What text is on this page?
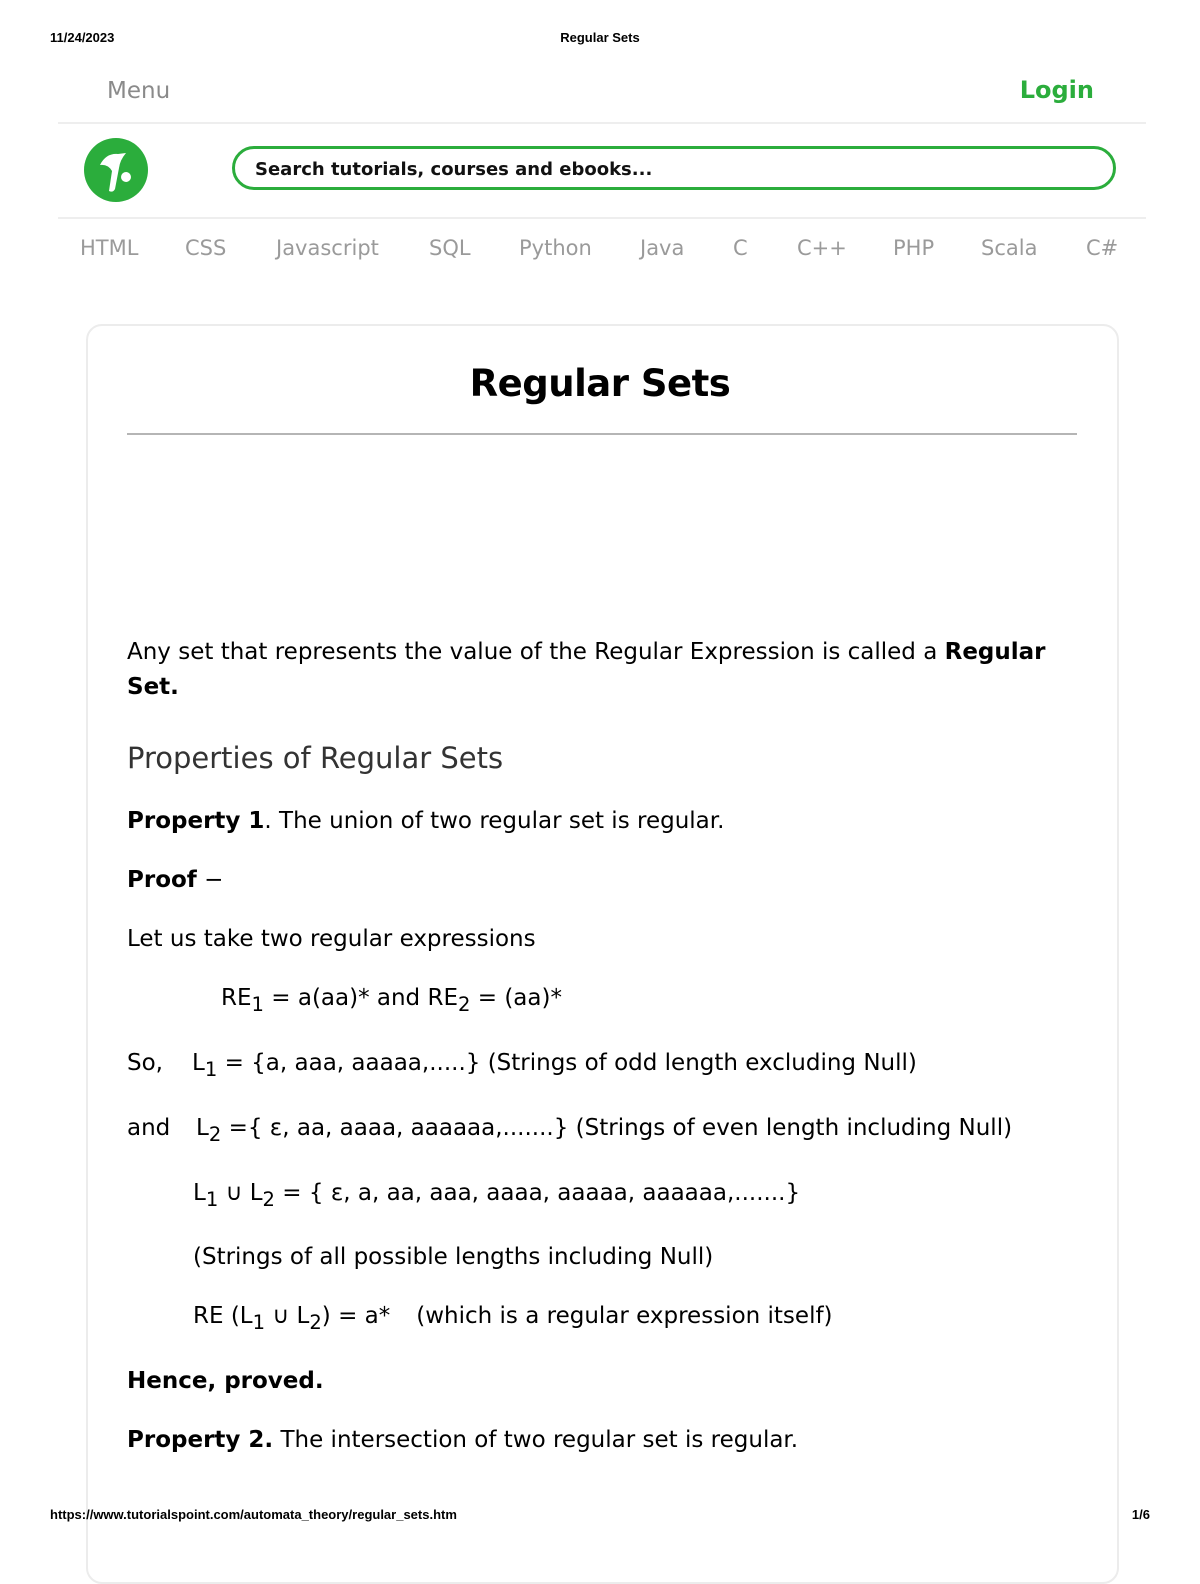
11/24/2023	Regular Sets
Menu	Login
Search tutorials, courses and ebooks...
HTML CSS Javascript SQL Python Java C C++ PHP Scala C#
Regular Sets
Any set that represents the value of the Regular Expression is called a Regular Set.
Properties of Regular Sets
Property 1. The union of two regular set is regular.
Proof −
Let us take two regular expressions
$RE_1 = a(aa)*$ and $RE_2 = (aa)*$
So, $L_1 = \{a$, aaa, aaaaa,.....} (Strings of odd length excluding Null)
and $L_2$ ={ ε, aa, aaaa, aaaaaa,.......} (Strings of even length including Null)
$L_1$ ∪ $L_2$ = { ε, a, aa, aaa, aaaa, aaaaa, aaaaaa,.......}
(Strings of all possible lengths including Null)
RE ($L_1$ ∪ $L_2) = a*$ (which is a regular expression itself)
Hence, proved.
Property 2. The intersection of two regular set is regular.
https://www.tutorialspoint.com/automata_theory/regular_sets.htm	1/6
